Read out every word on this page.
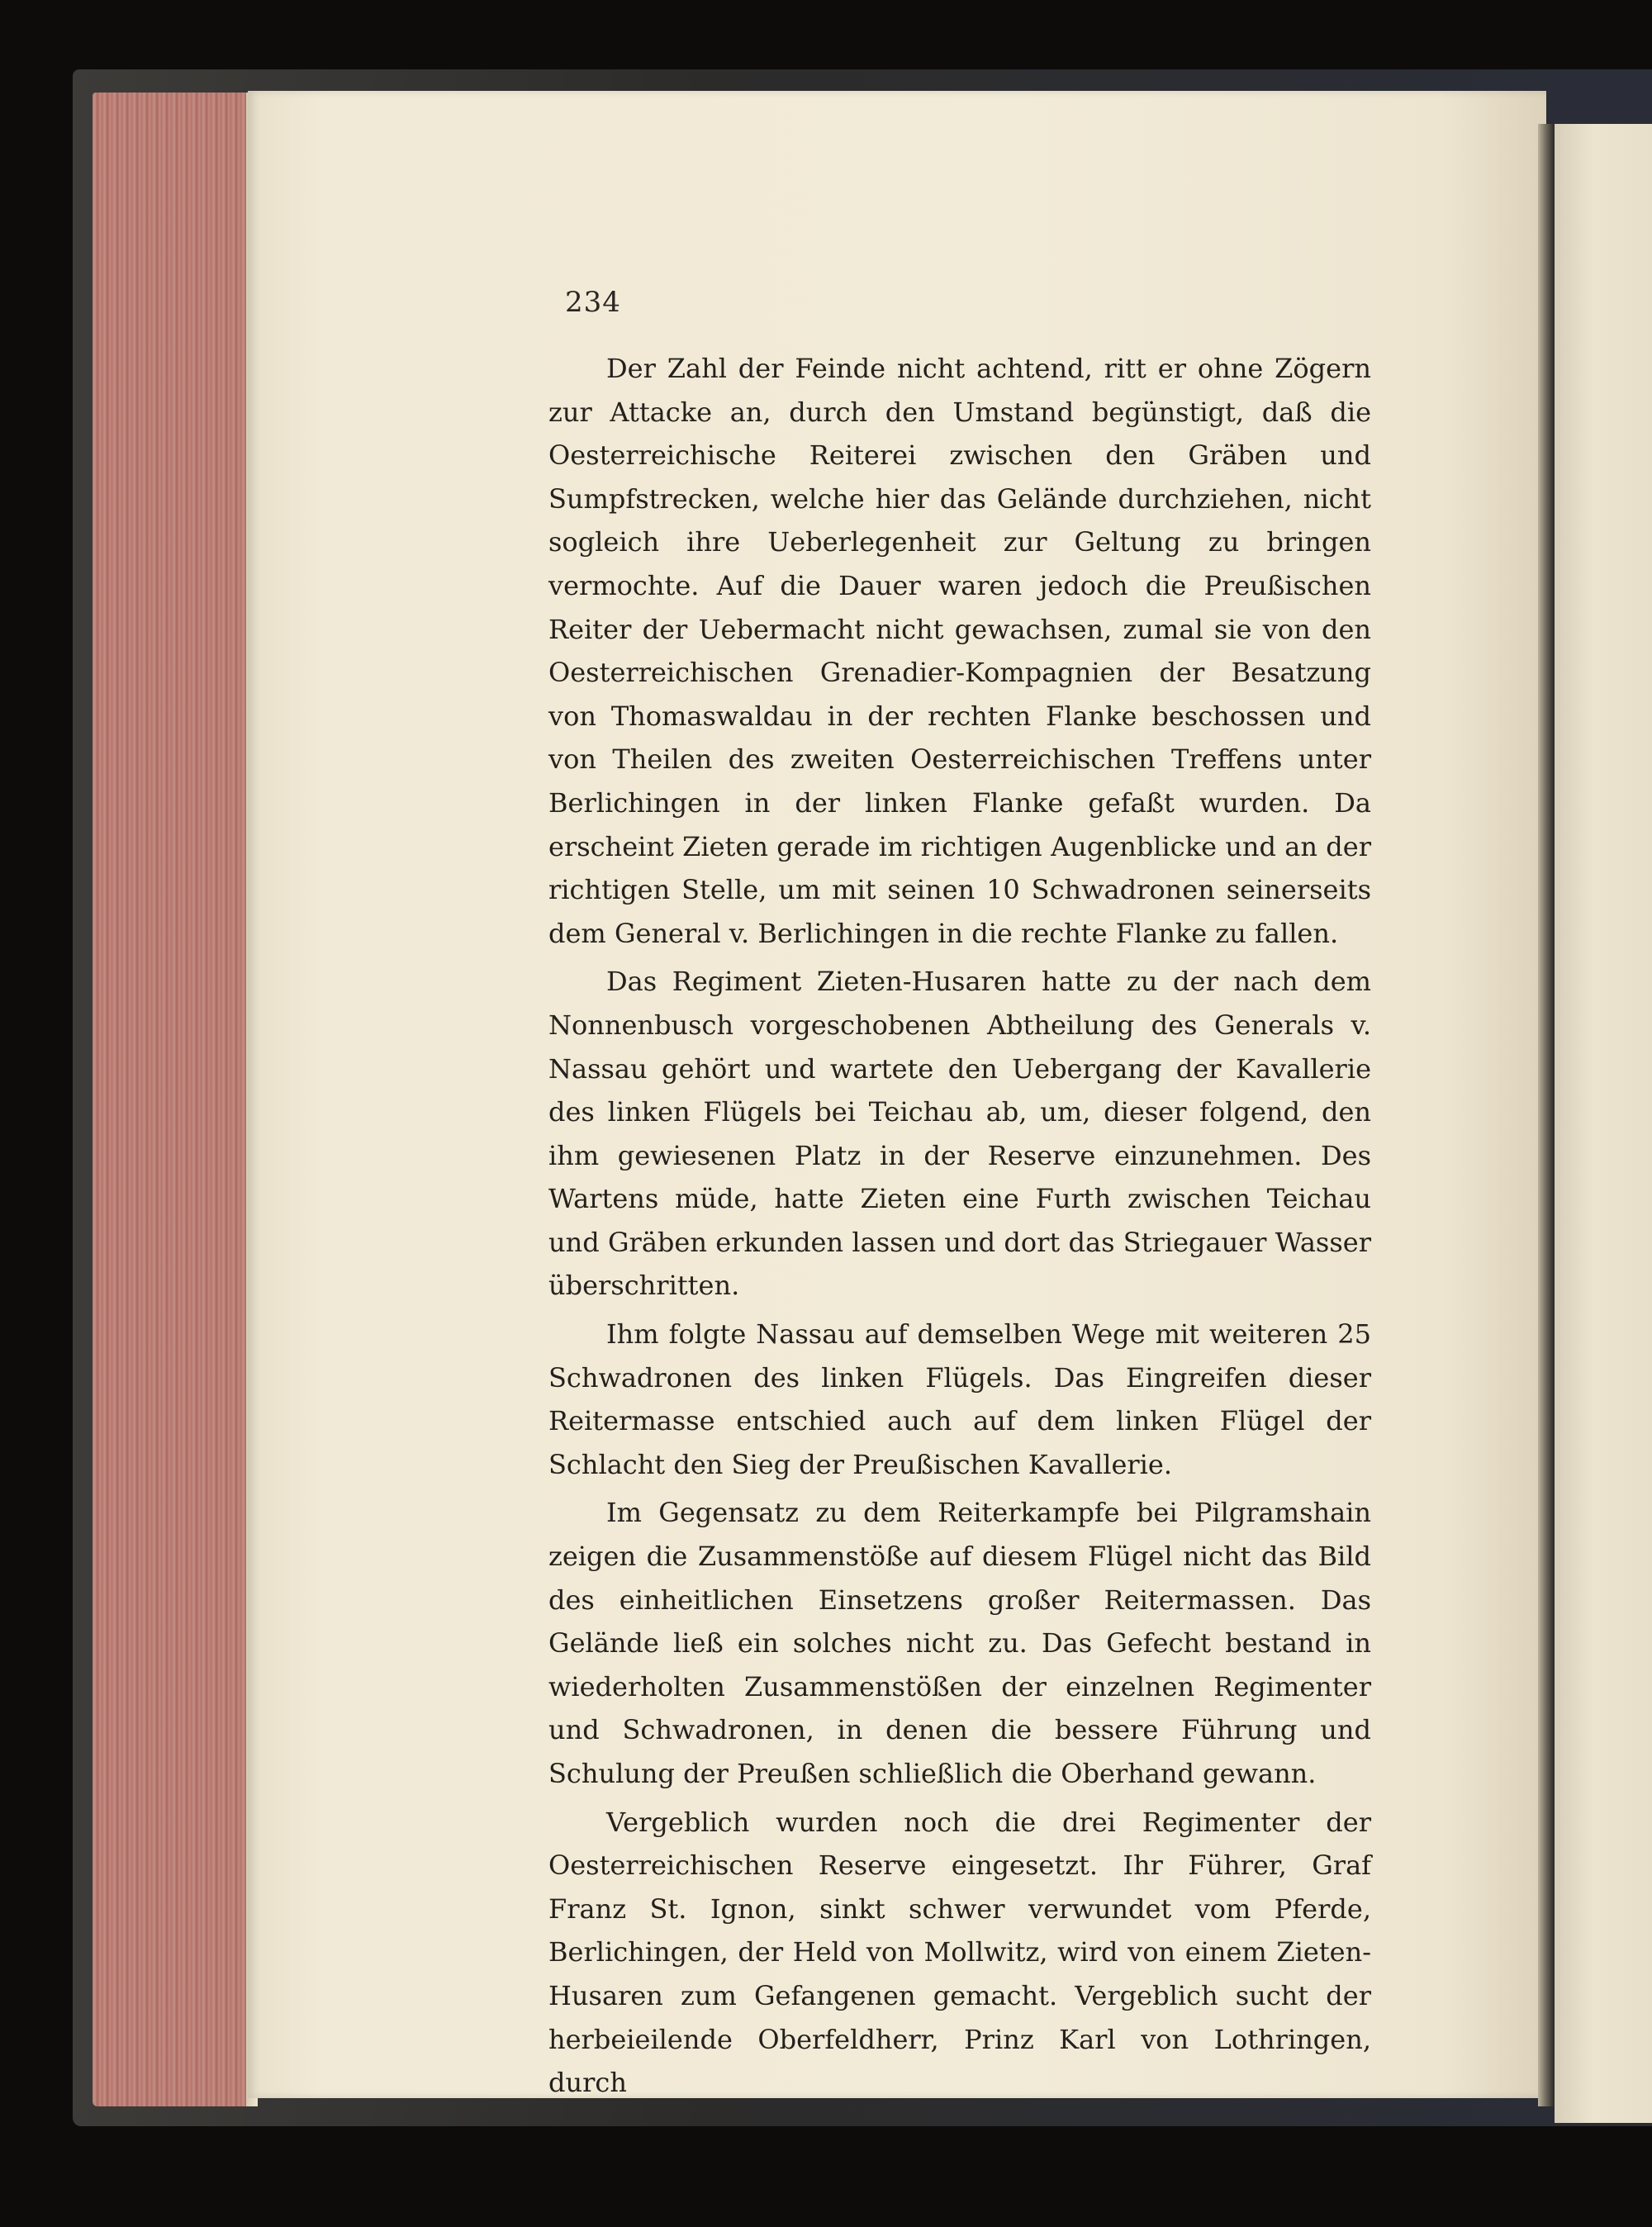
234

Der Zahl der Feinde nicht achtend, ritt er ohne Zögern zur Attacke an, durch den Umstand begünstigt, daß die Oesterreichische Reiterei zwischen den Gräben und Sumpfstrecken, welche hier das Gelände durchziehen, nicht sogleich ihre Ueberlegenheit zur Geltung zu bringen vermochte. Auf die Dauer waren jedoch die Preußischen Reiter der Uebermacht nicht gewachsen, zumal sie von den Oesterreichischen Grenadier-Kompagnien der Besatzung von Thomaswaldau in der rechten Flanke beschossen und von Theilen des zweiten Oesterreichischen Treffens unter Berlichingen in der linken Flanke gefaßt wurden. Da erscheint Zieten gerade im richtigen Augenblicke und an der richtigen Stelle, um mit seinen 10 Schwadronen seinerseits dem General v. Berlichingen in die rechte Flanke zu fallen.

Das Regiment Zieten-Husaren hatte zu der nach dem Nonnenbusch vorgeschobenen Abtheilung des Generals v. Nassau gehört und wartete den Uebergang der Kavallerie des linken Flügels bei Teichau ab, um, dieser folgend, den ihm gewiesenen Platz in der Reserve einzunehmen. Des Wartens müde, hatte Zieten eine Furth zwischen Teichau und Gräben erkunden lassen und dort das Striegauer Wasser überschritten.

Ihm folgte Nassau auf demselben Wege mit weiteren 25 Schwadronen des linken Flügels. Das Eingreifen dieser Reitermasse entschied auch auf dem linken Flügel der Schlacht den Sieg der Preußischen Kavallerie.

Im Gegensatz zu dem Reiterkampfe bei Pilgramshain zeigen die Zusammenstöße auf diesem Flügel nicht das Bild des einheitlichen Einsetzens großer Reitermassen. Das Gelände ließ ein solches nicht zu. Das Gefecht bestand in wiederholten Zusammenstößen der einzelnen Regimenter und Schwadronen, in denen die bessere Führung und Schulung der Preußen schließlich die Oberhand gewann.

Vergeblich wurden noch die drei Regimenter der Oesterreichischen Reserve eingesetzt. Ihr Führer, Graf Franz St. Ignon, sinkt schwer verwundet vom Pferde, Berlichingen, der Held von Mollwitz, wird von einem Zieten-Husaren zum Gefangenen gemacht. Vergeblich sucht der herbeieilende Oberfeldherr, Prinz Karl von Lothringen, durch
